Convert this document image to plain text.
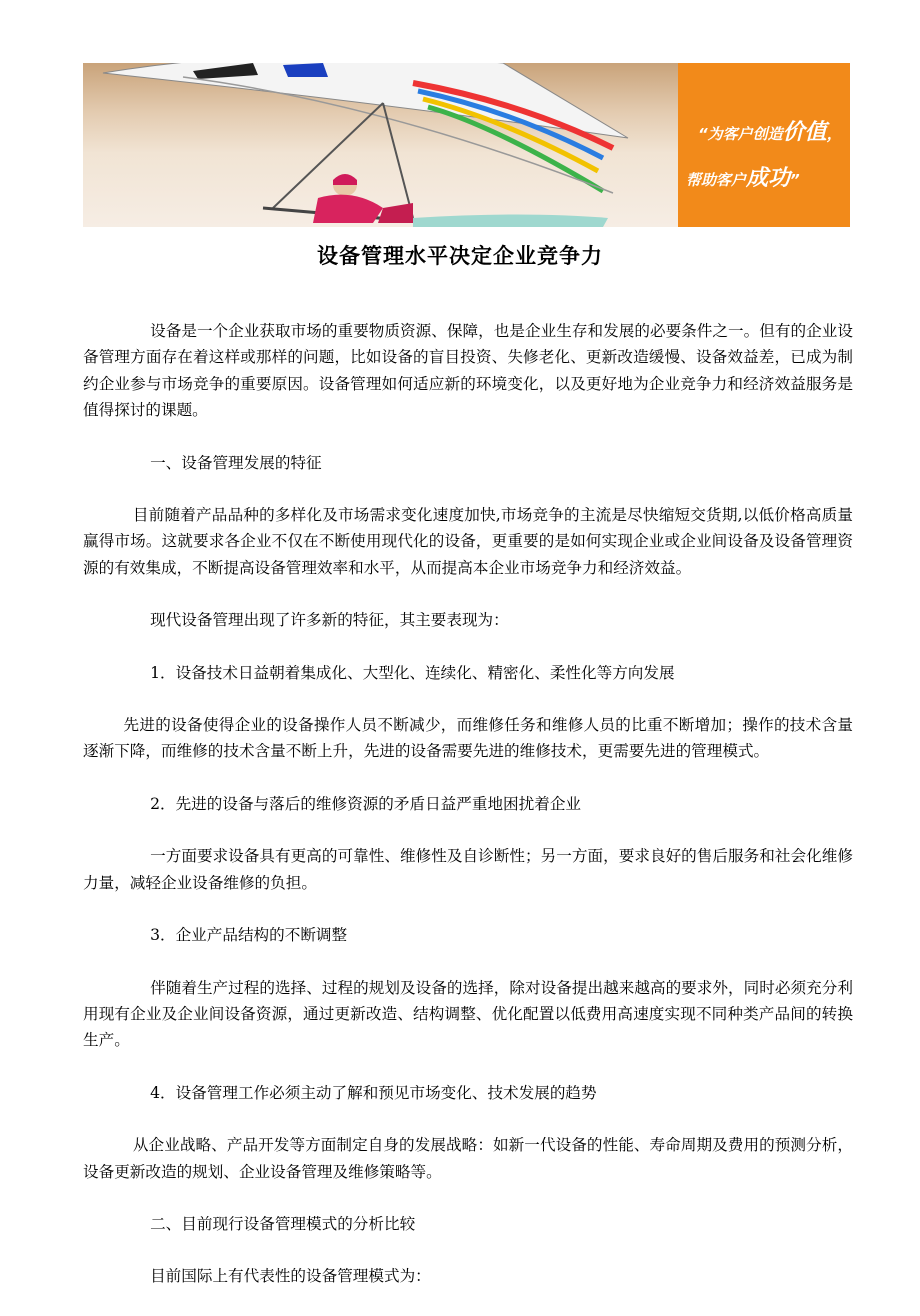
“为客户创造价值，
帮助客户成功”
设备管理水平决定企业竞争力

设备是一个企业获取市场的重要物质资源、保障，也是企业生存和发展的必要条件之一。但有的企业设备管理方面存在着这样或那样的问题，比如设备的盲目投资、失修老化、更新改造缓慢、设备效益差，已成为制约企业参与市场竞争的重要原因。设备管理如何适应新的环境变化，以及更好地为企业竞争力和经济效益服务是值得探讨的课题。

一、设备管理发展的特征

目前随着产品品种的多样化及市场需求变化速度加快,市场竞争的主流是尽快缩短交货期,以低价格高质量赢得市场。这就要求各企业不仅在不断使用现代化的设备，更重要的是如何实现企业或企业间设备及设备管理资源的有效集成，不断提高设备管理效率和水平，从而提高本企业市场竞争力和经济效益。

现代设备管理出现了许多新的特征，其主要表现为：

1．设备技术日益朝着集成化、大型化、连续化、精密化、柔性化等方向发展

先进的设备使得企业的设备操作人员不断减少，而维修任务和维修人员的比重不断增加；操作的技术含量逐渐下降，而维修的技术含量不断上升，先进的设备需要先进的维修技术，更需要先进的管理模式。

2．先进的设备与落后的维修资源的矛盾日益严重地困扰着企业

一方面要求设备具有更高的可靠性、维修性及自诊断性；另一方面，要求良好的售后服务和社会化维修力量，减轻企业设备维修的负担。

3．企业产品结构的不断调整

伴随着生产过程的选择、过程的规划及设备的选择，除对设备提出越来越高的要求外，同时必须充分利用现有企业及企业间设备资源，通过更新改造、结构调整、优化配置以低费用高速度实现不同种类产品间的转换生产。

4．设备管理工作必须主动了解和预见市场变化、技术发展的趋势

从企业战略、产品开发等方面制定自身的发展战略：如新一代设备的性能、寿命周期及费用的预测分析，设备更新改造的规划、企业设备管理及维修策略等。

二、目前现行设备管理模式的分析比较

目前国际上有代表性的设备管理模式为：
